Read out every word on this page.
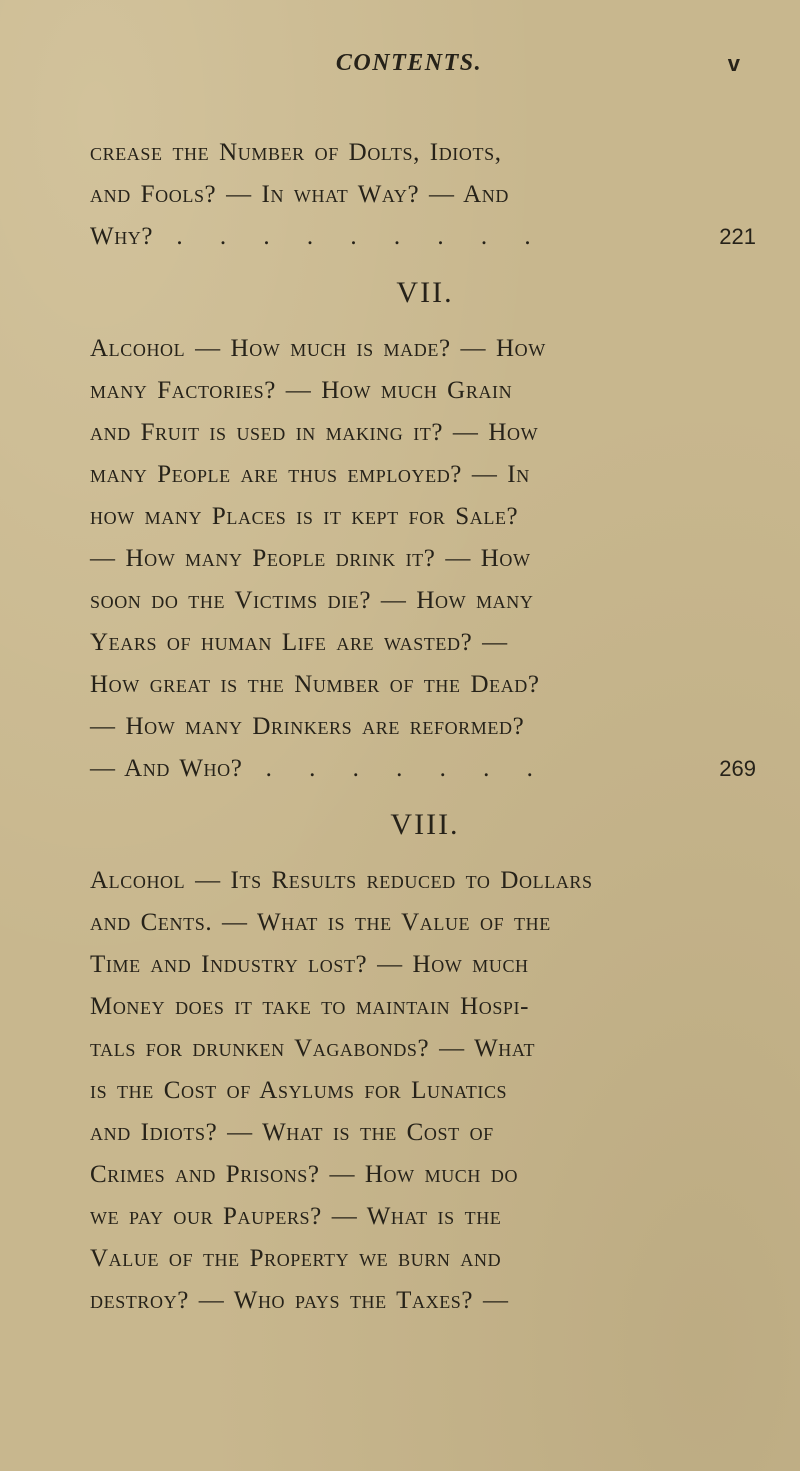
CONTENTS.	v
crease the Number of Dolts, Idiots,
and Fools? — In what Way? — And
Why? . . . . . . . . .	221
VII.
Alcohol — How much is made? — How
many Factories? — How much Grain
and Fruit is used in making it? — How
many People are thus employed? — In
how many Places is it kept for Sale?
— How many People drink it? — How
soon do the Victims die? — How many
Years of human Life are wasted? —
How great is the Number of the Dead?
— How many Drinkers are reformed?
— And Who? . . . . . . .	269
VIII.
Alcohol — Its Results reduced to Dollars
and Cents. — What is the Value of the
Time and Industry lost? — How much
Money does it take to maintain Hospi-
tals for drunken Vagabonds? — What
is the Cost of Asylums for Lunatics
and Idiots? — What is the Cost of
Crimes and Prisons? — How much do
we pay our Paupers? — What is the
Value of the Property we burn and
destroy? — Who pays the Taxes? —
